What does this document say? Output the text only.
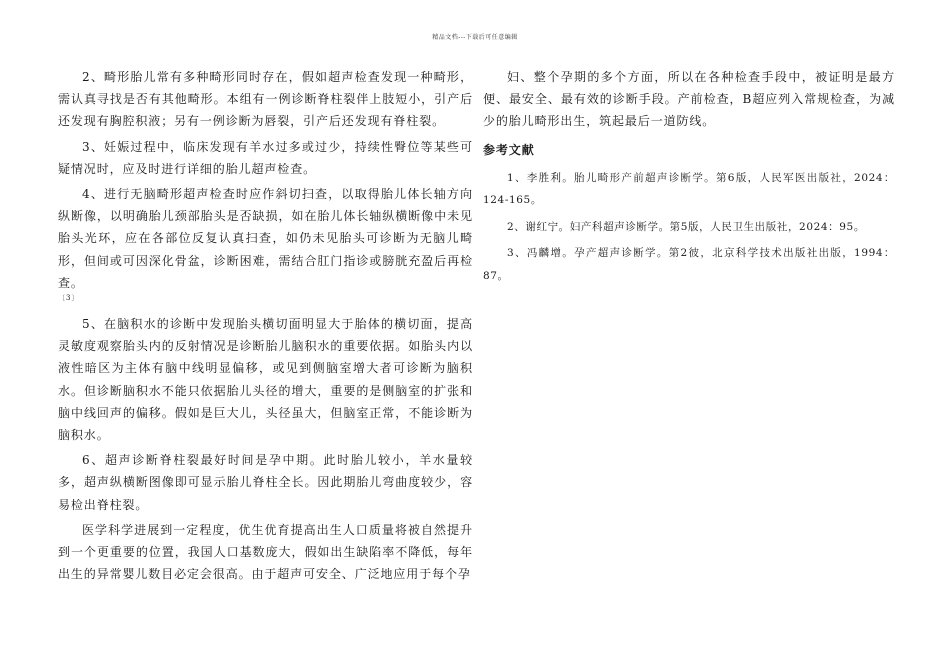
精品文档---下载后可任意编辑

2、畸形胎儿常有多种畸形同时存在，假如超声检查发现一种畸形，需认真寻找是否有其他畸形。本组有一例诊断脊柱裂伴上肢短小，引产后还发现有胸腔积液；另有一例诊断为唇裂，引产后还发现有脊柱裂。

3、妊娠过程中，临床发现有羊水过多或过少，持续性臀位等某些可疑情况时，应及时进行详细的胎儿超声检查。

4、进行无脑畸形超声检查时应作斜切扫查，以取得胎儿体长轴方向纵断像，以明确胎儿颈部胎头是否缺损，如在胎儿体长轴纵横断像中未见胎头光环，应在各部位反复认真扫查，如仍未见胎头可诊断为无脑儿畸形，但间或可因深化骨盆，诊断困难，需结合肛门指诊或膀胱充盈后再检查。

〔3〕

5、在脑积水的诊断中发现胎头横切面明显大于胎体的横切面，提高灵敏度观察胎头内的反射情况是诊断胎儿脑积水的重要依据。如胎头内以液性暗区为主体有脑中线明显偏移，或见到侧脑室增大者可诊断为脑积水。但诊断脑积水不能只依据胎儿头径的增大，重要的是侧脑室的扩张和脑中线回声的偏移。假如是巨大儿，头径虽大，但脑室正常，不能诊断为脑积水。

6、超声诊断脊柱裂最好时间是孕中期。此时胎儿较小，羊水量较多，超声纵横断图像即可显示胎儿脊柱全长。因此期胎儿弯曲度较少，容易检出脊柱裂。

医学科学进展到一定程度，优生优育提高出生人口质量将被自然提升到一个更重要的位置，我国人口基数庞大，假如出生缺陷率不降低，每年出生的异常婴儿数目必定会很高。由于超声可安全、广泛地应用于每个孕

妇、整个孕期的多个方面，所以在各种检查手段中，被证明是最方便、最安全、最有效的诊断手段。产前检查，B超应列入常规检查，为减少的胎儿畸形出生，筑起最后一道防线。

参考文献

1、李胜利。胎儿畸形产前超声诊断学。第6版，人民军医出版社，2024：124-165。

2、谢红宁。妇产科超声诊断学。第5版，人民卫生出版社，2024：95。

3、冯麟增。孕产超声诊断学。第2彼，北京科学技术出版社出版，1994：87。
